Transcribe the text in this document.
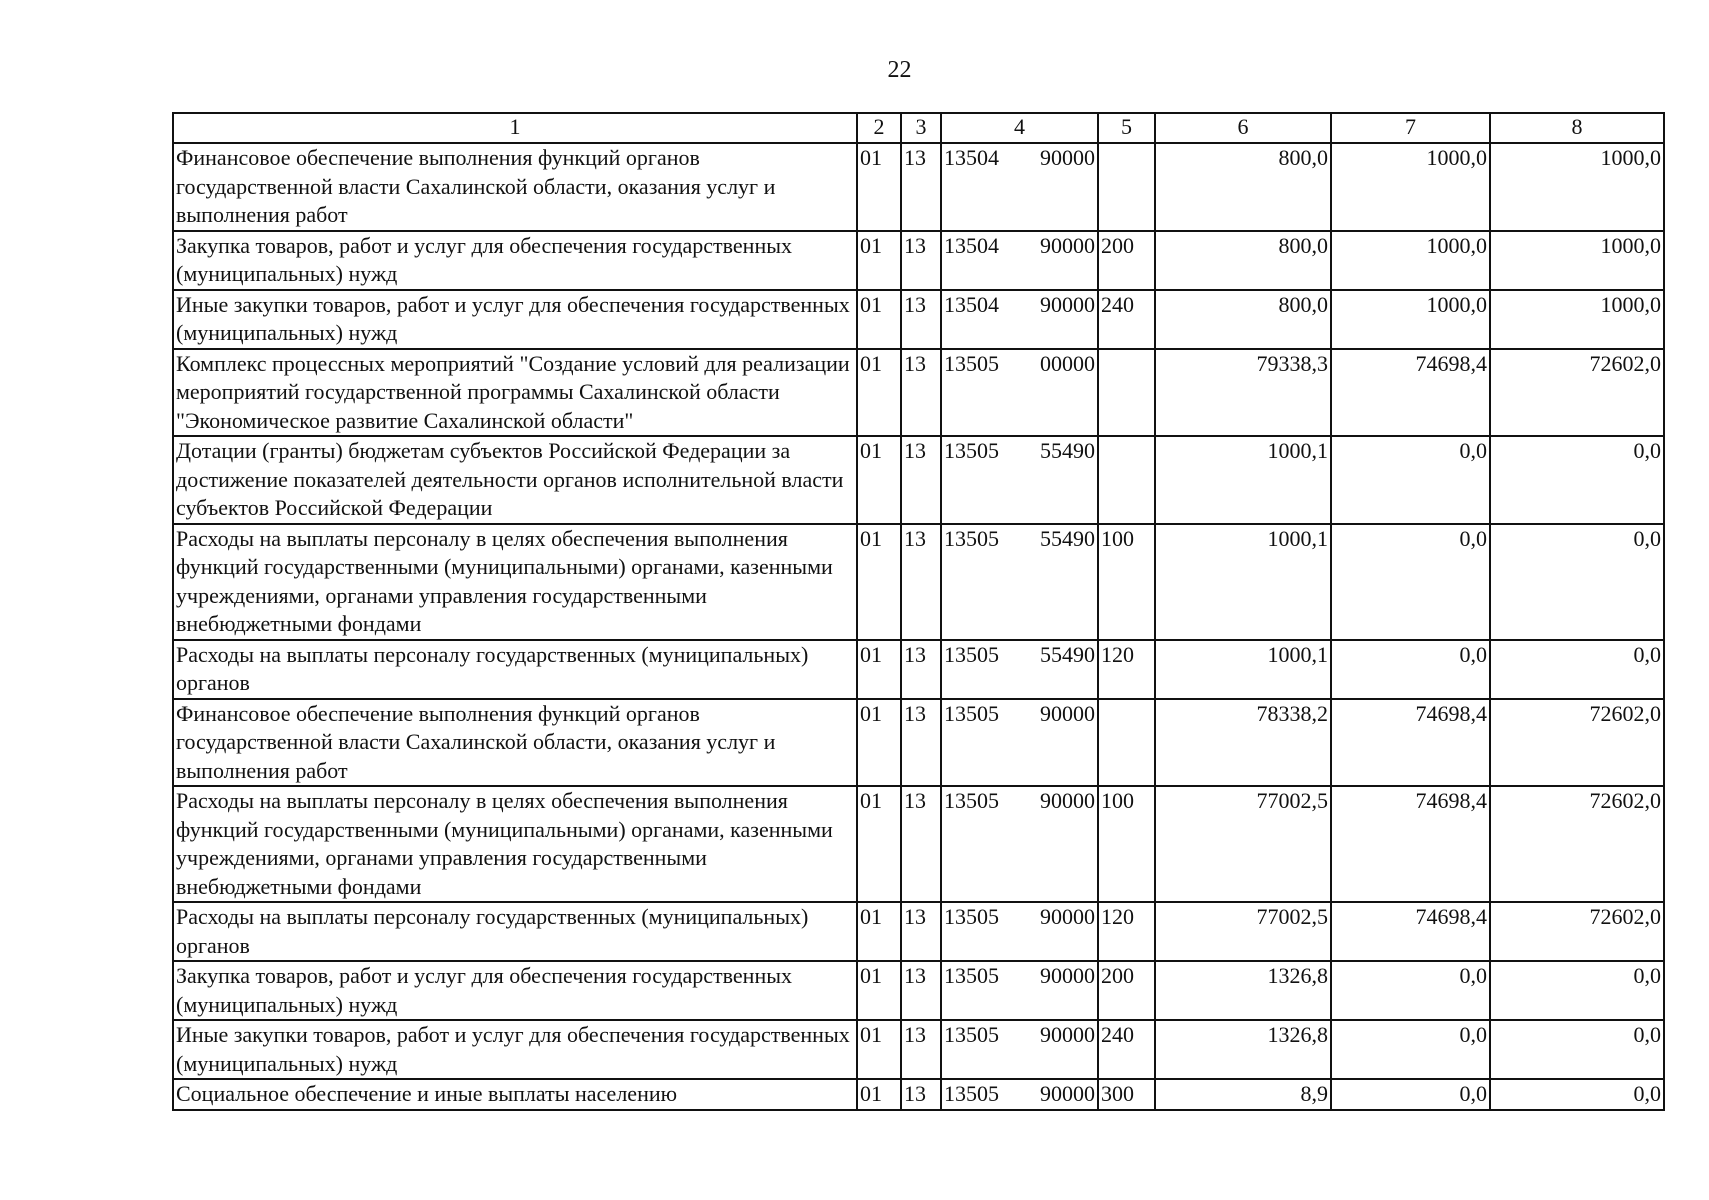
22
1	2	3	4	5	6	7	8
Финансовое обеспечение выполнения функций органов государственной власти Сахалинской области, оказания услуг и выполнения работ	01	13	13504 90000		800,0	1000,0	1000,0
Закупка товаров, работ и услуг для обеспечения государственных (муниципальных) нужд	01	13	13504 90000	200	800,0	1000,0	1000,0
Иные закупки товаров, работ и услуг для обеспечения государственных (муниципальных) нужд	01	13	13504 90000	240	800,0	1000,0	1000,0
Комплекс процессных мероприятий "Создание условий для реализации мероприятий государственной программы Сахалинской области "Экономическое развитие Сахалинской области"	01	13	13505 00000		79338,3	74698,4	72602,0
Дотации (гранты) бюджетам субъектов Российской Федерации за достижение показателей деятельности органов исполнительной власти субъектов Российской Федерации	01	13	13505 55490		1000,1	0,0	0,0
Расходы на выплаты персоналу в целях обеспечения выполнения функций государственными (муниципальными) органами, казенными учреждениями, органами управления государственными внебюджетными фондами	01	13	13505 55490	100	1000,1	0,0	0,0
Расходы на выплаты персоналу государственных (муниципальных) органов	01	13	13505 55490	120	1000,1	0,0	0,0
Финансовое обеспечение выполнения функций органов государственной власти Сахалинской области, оказания услуг и выполнения работ	01	13	13505 90000		78338,2	74698,4	72602,0
Расходы на выплаты персоналу в целях обеспечения выполнения функций государственными (муниципальными) органами, казенными учреждениями, органами управления государственными внебюджетными фондами	01	13	13505 90000	100	77002,5	74698,4	72602,0
Расходы на выплаты персоналу государственных (муниципальных) органов	01	13	13505 90000	120	77002,5	74698,4	72602,0
Закупка товаров, работ и услуг для обеспечения государственных (муниципальных) нужд	01	13	13505 90000	200	1326,8	0,0	0,0
Иные закупки товаров, работ и услуг для обеспечения государственных (муниципальных) нужд	01	13	13505 90000	240	1326,8	0,0	0,0
Социальное обеспечение и иные выплаты населению	01	13	13505 90000	300	8,9	0,0	0,0
